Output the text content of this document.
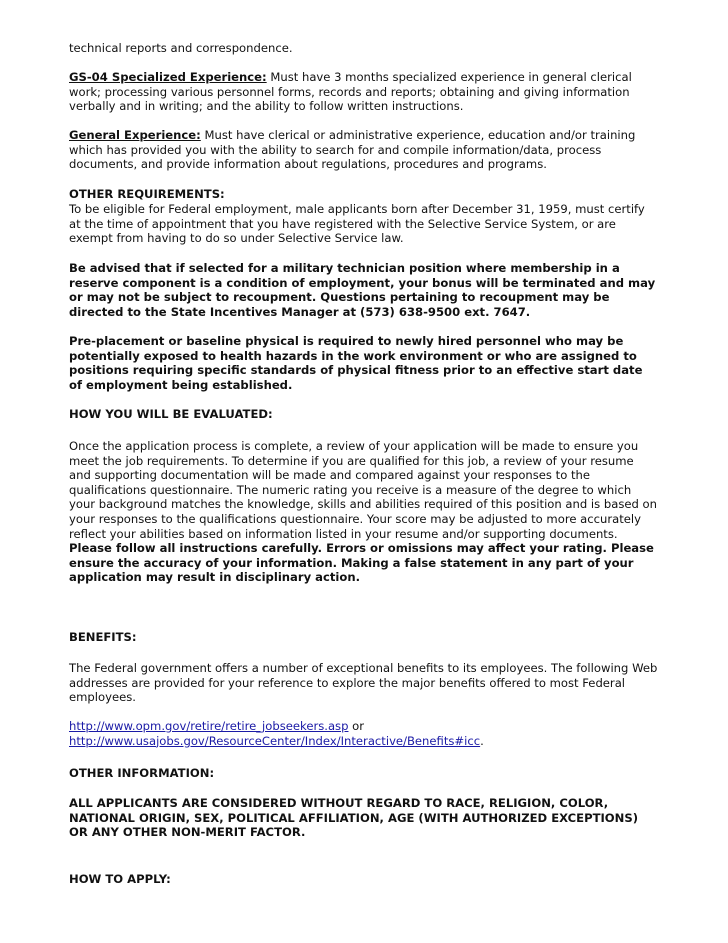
technical reports and correspondence.

GS-04 Specialized Experience: Must have 3 months specialized experience in general clerical work; processing various personnel forms, records and reports; obtaining and giving information verbally and in writing; and the ability to follow written instructions.

General Experience: Must have clerical or administrative experience, education and/or training which has provided you with the ability to search for and compile information/data, process documents, and provide information about regulations, procedures and programs.

OTHER REQUIREMENTS:

To be eligible for Federal employment, male applicants born after December 31, 1959, must certify at the time of appointment that you have registered with the Selective Service System, or are exempt from having to do so under Selective Service law.

Be advised that if selected for a military technician position where membership in a reserve component is a condition of employment, your bonus will be terminated and may or may not be subject to recoupment. Questions pertaining to recoupment may be directed to the State Incentives Manager at (573) 638-9500 ext. 7647.

Pre-placement or baseline physical is required to newly hired personnel who may be potentially exposed to health hazards in the work environment or who are assigned to positions requiring specific standards of physical fitness prior to an effective start date of employment being established.

HOW YOU WILL BE EVALUATED:

Once the application process is complete, a review of your application will be made to ensure you meet the job requirements. To determine if you are qualified for this job, a review of your resume and supporting documentation will be made and compared against your responses to the qualifications questionnaire. The numeric rating you receive is a measure of the degree to which your background matches the knowledge, skills and abilities required of this position and is based on your responses to the qualifications questionnaire. Your score may be adjusted to more accurately reflect your abilities based on information listed in your resume and/or supporting documents. Please follow all instructions carefully. Errors or omissions may affect your rating. Please ensure the accuracy of your information. Making a false statement in any part of your application may result in disciplinary action.

BENEFITS:

The Federal government offers a number of exceptional benefits to its employees. The following Web addresses are provided for your reference to explore the major benefits offered to most Federal employees.

http://www.opm.gov/retire/retire_jobseekers.asp or
http://www.usajobs.gov/ResourceCenter/Index/Interactive/Benefits#icc.

OTHER INFORMATION:

ALL APPLICANTS ARE CONSIDERED WITHOUT REGARD TO RACE, RELIGION, COLOR, NATIONAL ORIGIN, SEX, POLITICAL AFFILIATION, AGE (WITH AUTHORIZED EXCEPTIONS) OR ANY OTHER NON-MERIT FACTOR.

HOW TO APPLY:
